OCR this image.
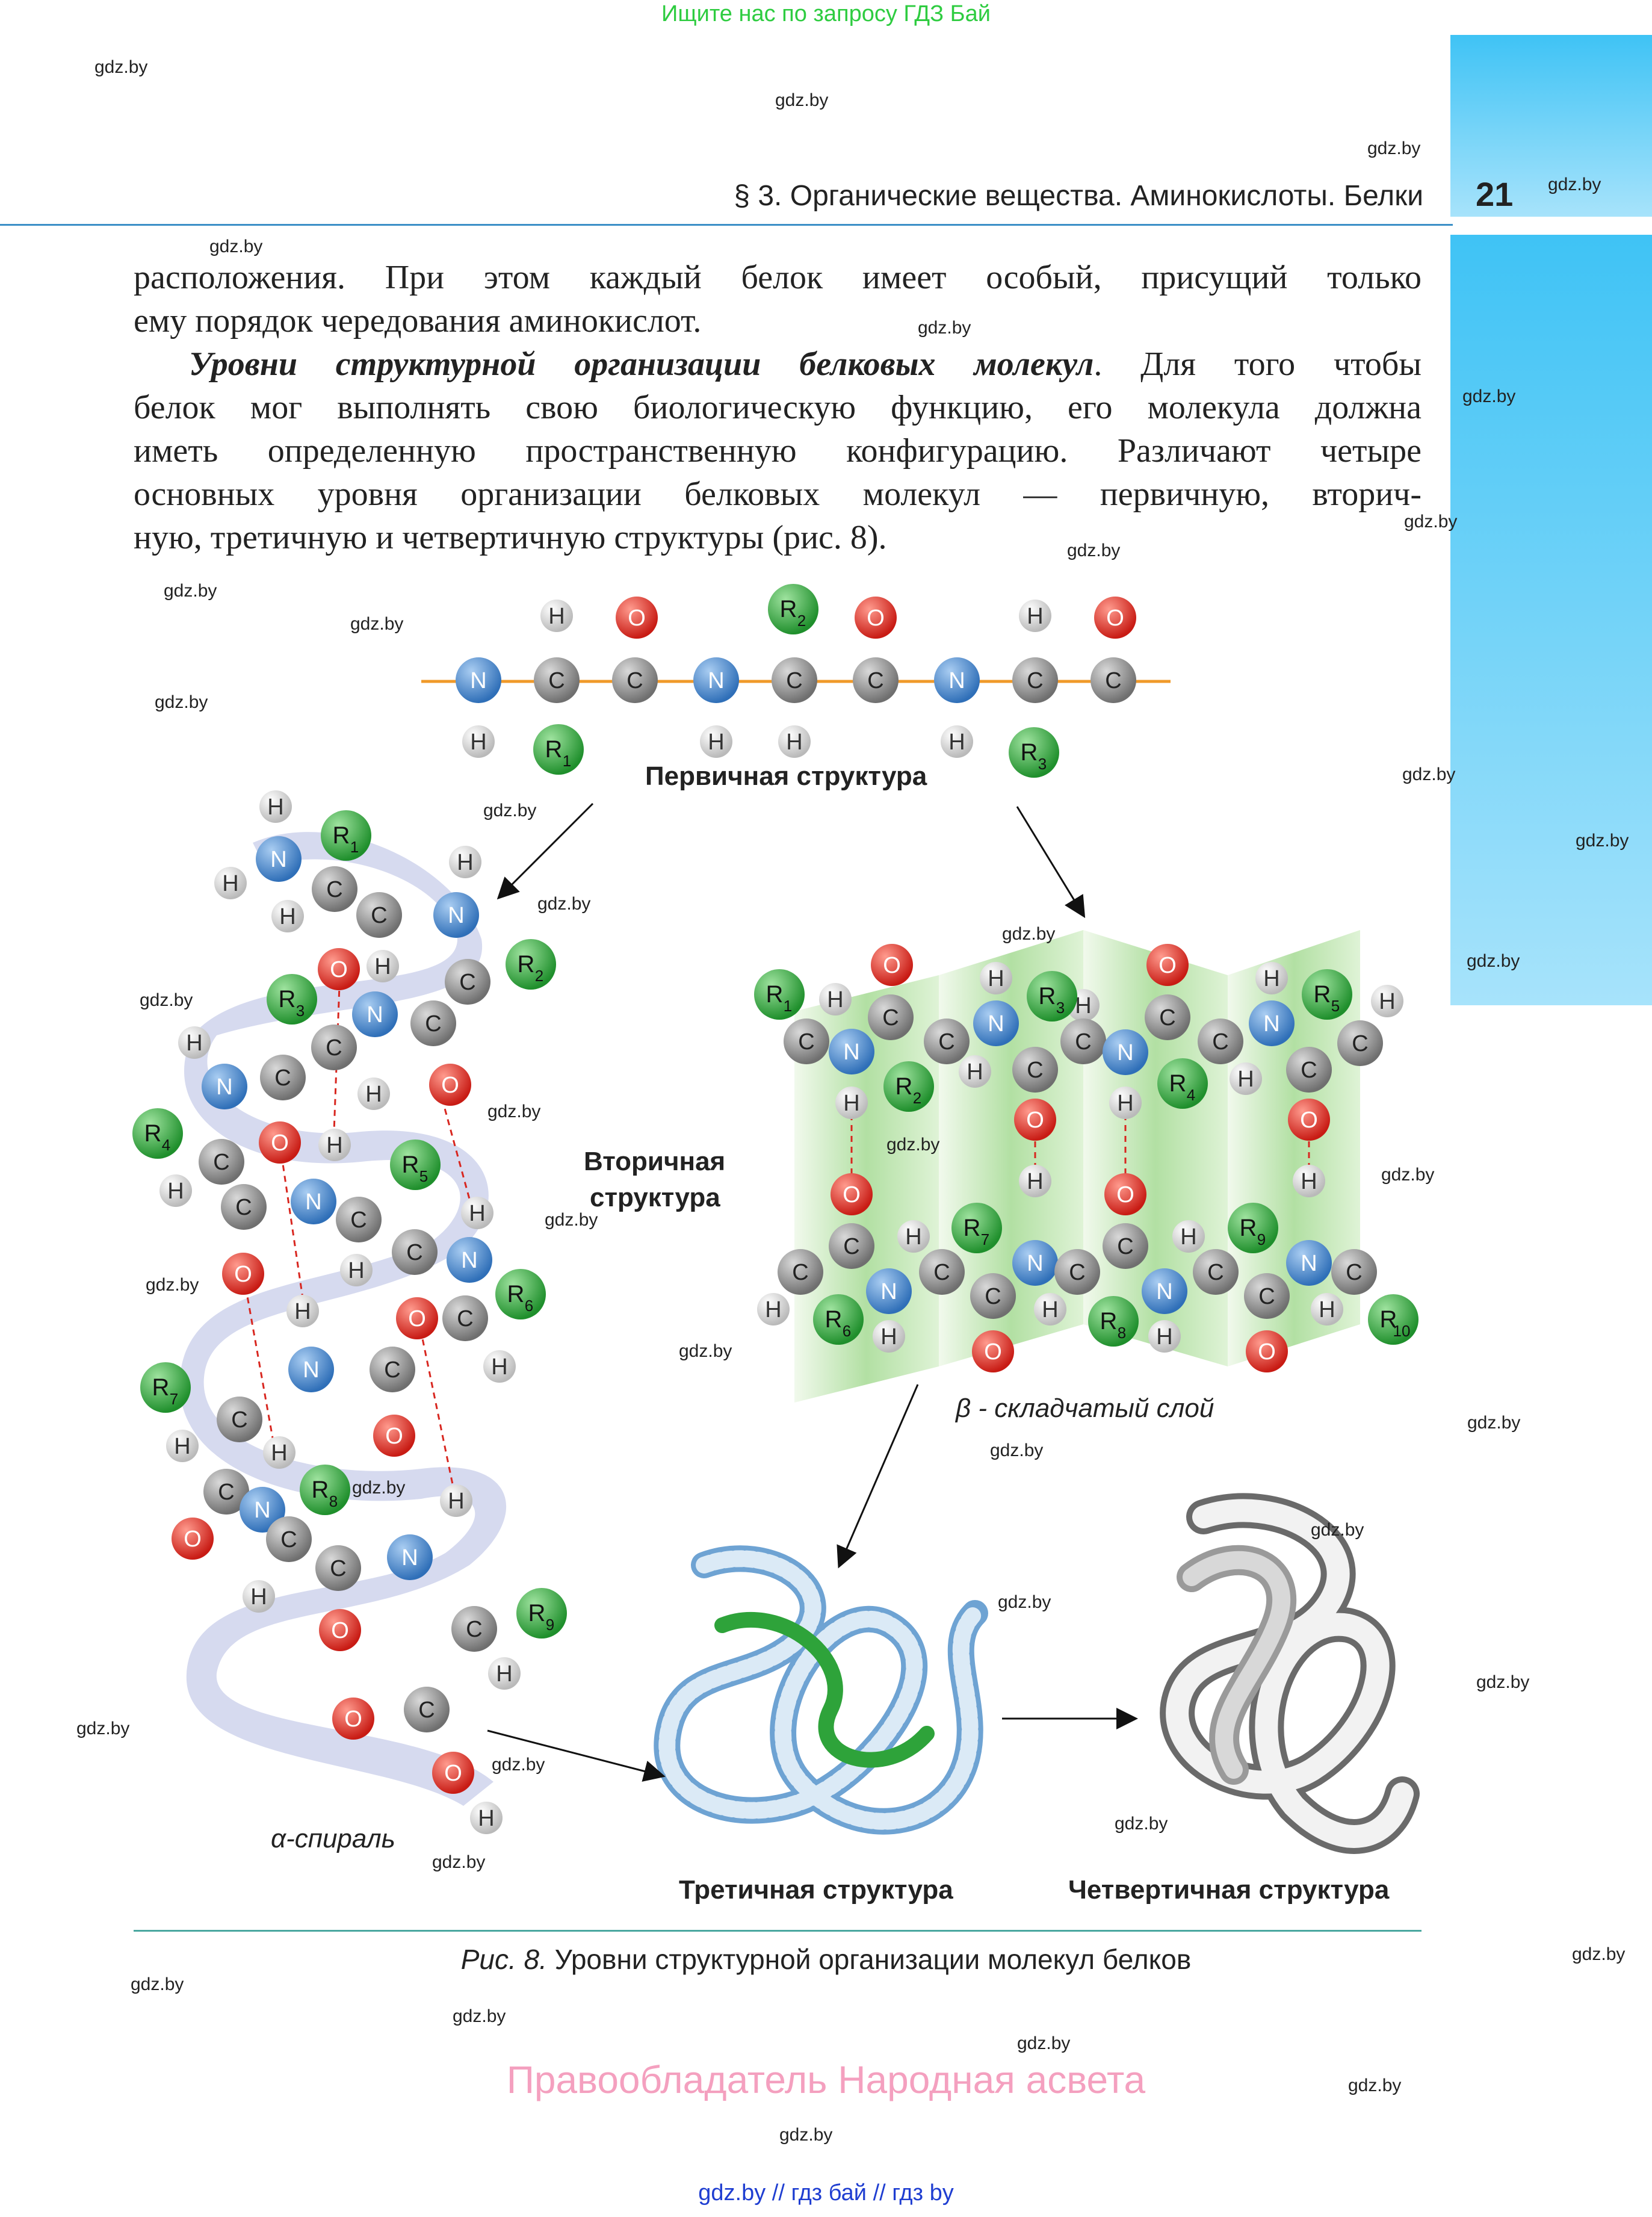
Ищите нас по запросу ГДЗ Бай
§ 3. Органические вещества. Аминокислоты. Белки 21
расположения. При этом каждый белок имеет особый, присущий только
ему порядок чередования аминокислот.
Уровни структурной организации белковых молекул. Для того чтобы
белок мог выполнять свою биологическую функцию, его молекула должна
иметь определенную пространственную конфигурацию. Различают четыре
основных уровня организации белковых молекул — первичную, вторич-
ную, третичную и четвертичную структуры (рис. 8).
N	C	C	N	C	C	N	C	C
H	O	O	H	O
H	H	H	H
R 1
R 2
R 3
H
N
H	C
H	C
H
N
C
O H
N
C
C
O
H
H
N C
O H
C
H	N
C	C	H
C N
O
H
O
C
H
N	H
C
O
C
H	H
C
N	H
O	C
C N
H
O	C
H
C
O
O
H
R 1
R 2
R 3
R 4
R 5
R 6
R 7
R 8
R 9
H
O
C
N
C	C
H
H
N
C
O
H
C N
H
O
C
C
H
H
N
C
O
C
H
H
O
C
N
H
H
C
C
O
H
N C
H
N
H
C
O
H
C
C
O
H
N C
H
C
H
R 1
R 2
R 3
R 4
R 5
R 6
R 7
R 8
R 9
R
10
Первичная структура
Вторичная
структура
β - складчатый слой
α-спираль
Третичная структура	Четвертичная структура
Рис. 8. Уровни структурной организации молекул белков
Правообладатель Народная асвета
gdz.by // гдз бай // гдз by
gdz.by
gdz.by
gdz.by
gdz.by
gdz.by
gdz.by
gdz.by
gdz.by
gdz.by
gdz.by
gdz.by
gdz.by
gdz.by
gdz.by
gdz.by
gdz.by
gdz.by
gdz.by
gdz.by
gdz.by
gdz.by
gdz.by
gdz.by
gdz.by
gdz.by
gdz.by
gdz.by
gdz.by
gdz.by
gdz.by
gdz.by
gdz.by
gdz.by
gdz.by
gdz.by
gdz.by
gdz.by
gdz.by
gdz.by
gdz.by
gdz.by
